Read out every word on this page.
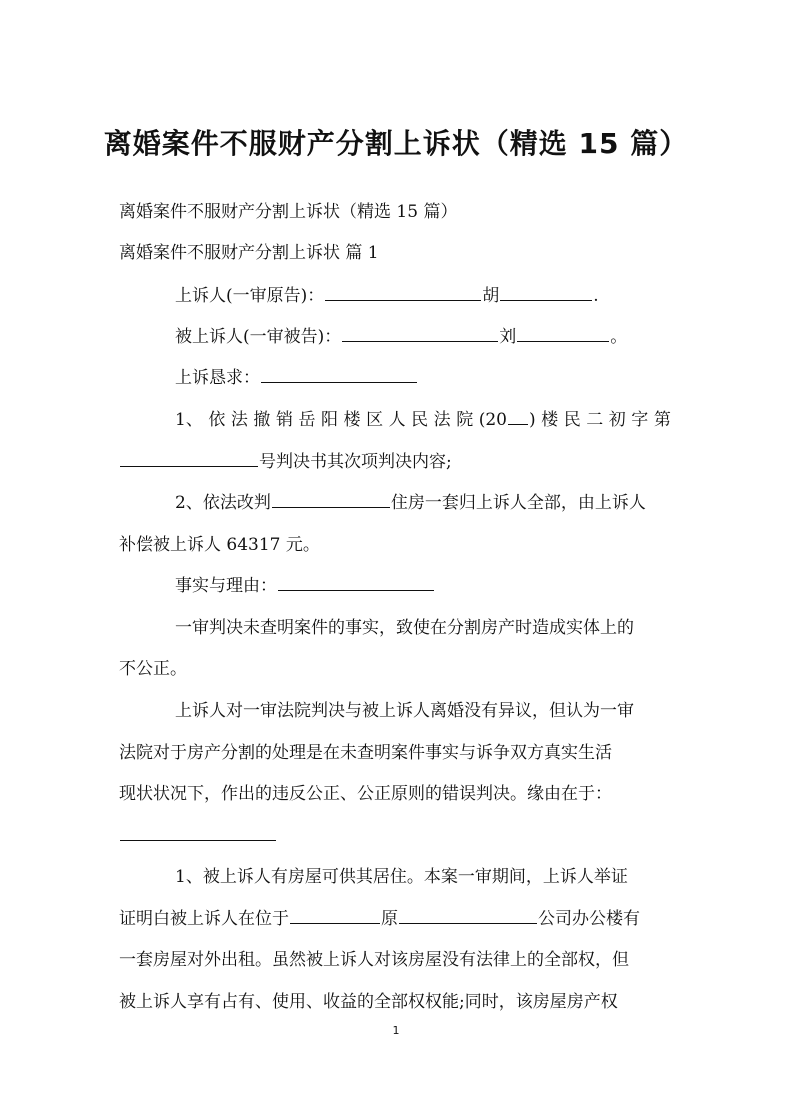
离婚案件不服财产分割上诉状（精选 15 篇）
离婚案件不服财产分割上诉状（精选 15 篇）
离婚案件不服财产分割上诉状 篇 1
上诉人(一审原告)：	胡	.
被上诉人(一审被告)：	刘	。
上诉恳求：
1、 依 法 撤 销 岳 阳 楼 区 人 民 法 院 (20 ) 楼 民 二 初 字 第
号判决书其次项判决内容;
2、依法改判	住房一套归上诉人全部，由上诉人
补偿被上诉人 64317 元。
事实与理由：
一审判决未查明案件的事实，致使在分割房产时造成实体上的
不公正。
上诉人对一审法院判决与被上诉人离婚没有异议，但认为一审
法院对于房产分割的处理是在未查明案件事实与诉争双方真实生活
现状状况下，作出的违反公正、公正原则的错误判决。缘由在于：
1、被上诉人有房屋可供其居住。本案一审期间，上诉人举证
证明白被上诉人在位于	原	公司办公楼有
一套房屋对外出租。虽然被上诉人对该房屋没有法律上的全部权，但
被上诉人享有占有、使用、收益的全部权权能;同时，该房屋房产权
1
